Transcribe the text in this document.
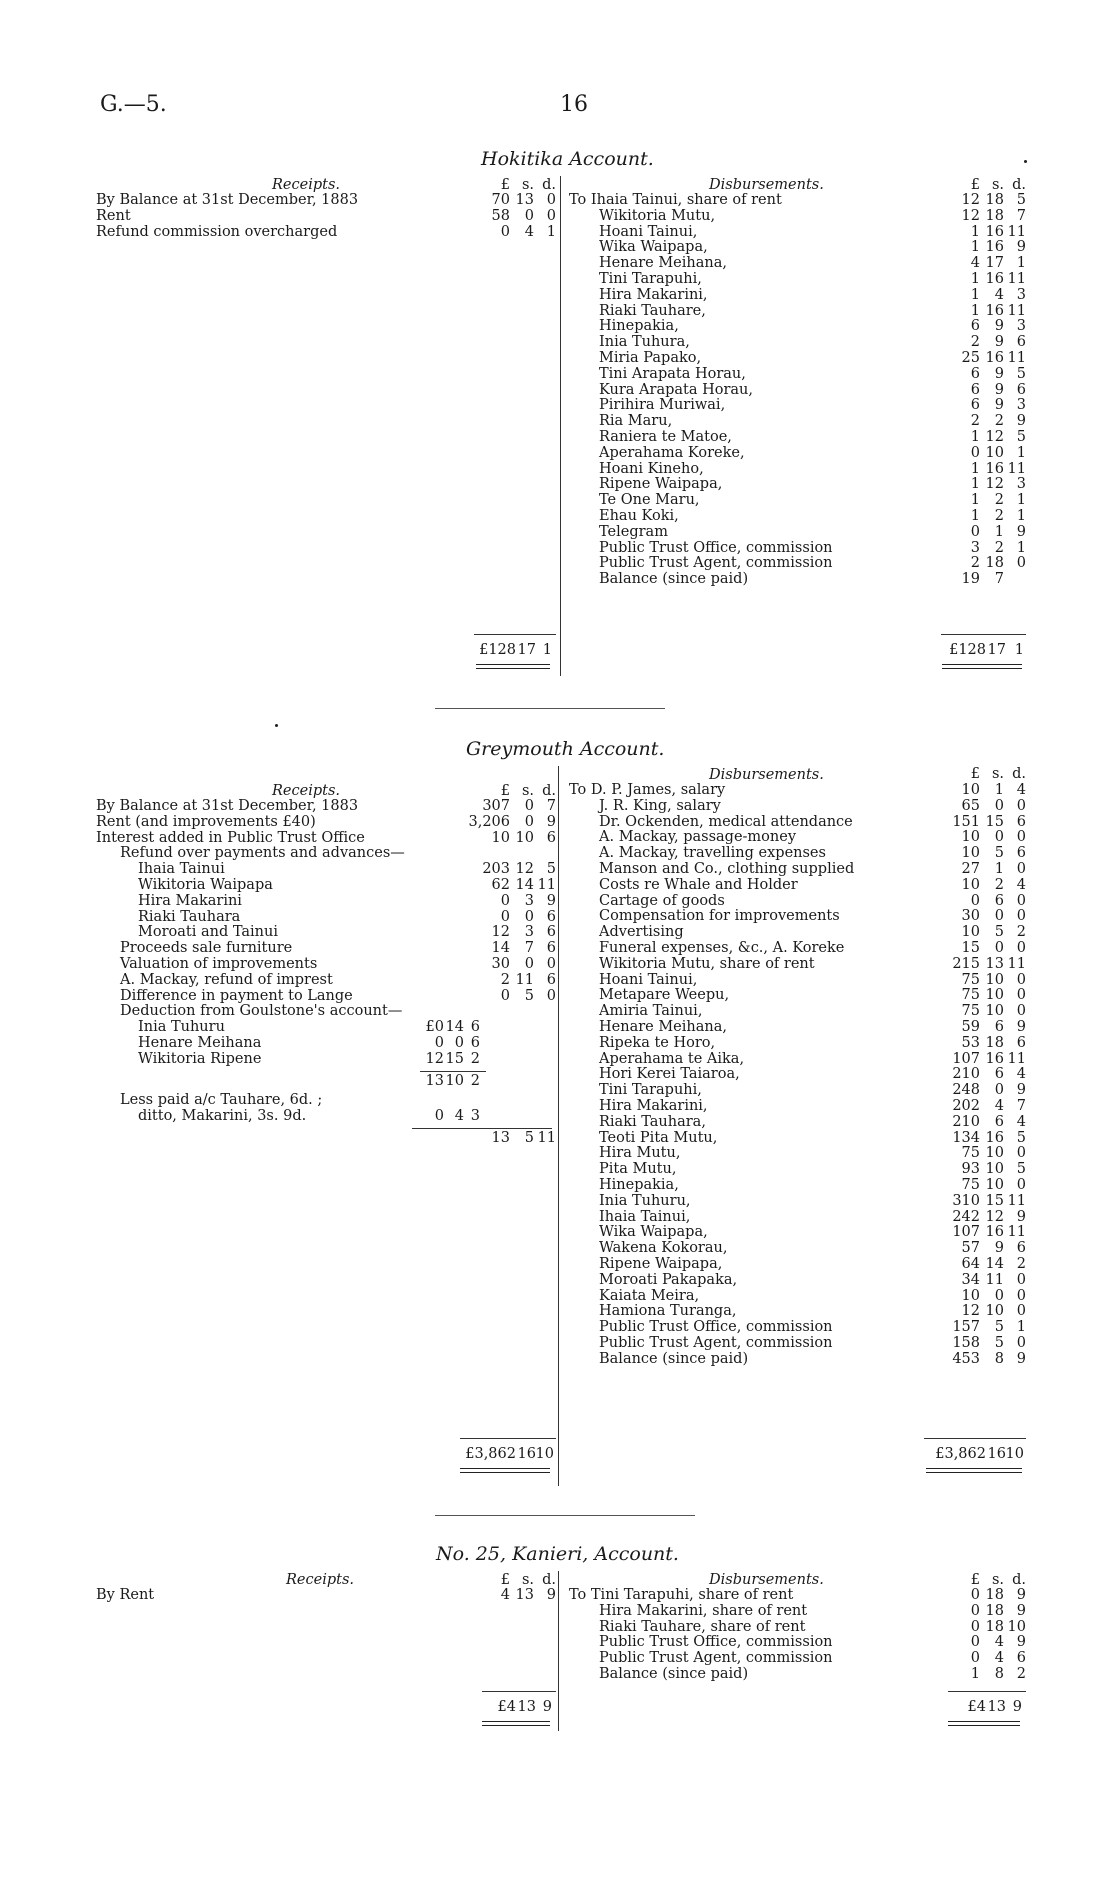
G.—5.	16
Hokitika Account.
Receipts.	£ s. d.
By Balance at 31st December, 1883	70 13 0
Rent	58	0 0
Refund commission overcharged	0	4 1
Disbursements.	£ s. d.
To Ihaia Tainui, share of rent	12 18 5
Wikitoria Mutu,	12 18 7
Hoani Tainui,	1 16 11
Wika Waipapa,	1 16 9
Henare Meihana,	4 17 1
Tini Tarapuhi,	1 16 11
Hira Makarini,	1	4 3
Riaki Tauhare,	1 16 11
Hinepakia,	6	9 3
Inia Tuhura,	2	9 6
Miria Papako,	25 16 11
Tini Arapata Horau,	6	9 5
Kura Arapata Horau,	6	9 6
Pirihira Muriwai,	6	9 3
Ria Maru,	2	2 9
Raniera te Matoe,	1 12 5
Aperahama Koreke,	0 10 1
Hoani Kineho,	1 16 11
Ripene Waipapa,	1 12 3
Te One Maru,	1	2 1
Ehau Koki,	1	2 1
Telegram	0	1 9
Public Trust Office, commission	3	2 1
Public Trust Agent, commission	2 18 0
Balance (since paid)	19	7
£128 17 1	£128 17 1
Greymouth Account.
Receipts.	£ s. d.
By Balance at 31st December, 1883	307	0 7
Rent (and improvements £40)	3,206	0 9
Interest added in Public Trust Office	10 10 6
Refund over payments and advances—
Ihaia Tainui	203 12 5
Wikitoria Waipapa	62 14 11
Hira Makarini	0	3 9
Riaki Tauhara	0	0 6
Moroati and Tainui	12	3 6
Proceeds sale furniture	14	7 6
Valuation of improvements	30	0 0
A. Mackay, refund of imprest	2 11 6
Difference in payment to Lange	0	5 0
Deduction from Goulstone's account—
Inia Tuhuru	£0 14 6
Henare Meihana	0 0 6
Wikitoria Ripene	12 15 2
13 10 2
Less paid a/c Tauhare, 6d. ;
ditto, Makarini, 3s. 9d.	0 4 3
13 5 11
Disbursements.	£ s. d.
To D. P. James, salary	10	1 4
J. R. King, salary	65	0 0
Dr. Ockenden, medical attendance	151 15 6
A. Mackay, passage-money	10	0 0
A. Mackay, travelling expenses	10	5 6
Manson and Co., clothing supplied	27	1 0
Costs re Whale and Holder	10	2 4
Cartage of goods	0	6 0
Compensation for improvements	30	0 0
Advertising	10	5 2
Funeral expenses, &c., A. Koreke	15	0 0
Wikitoria Mutu, share of rent	215 13 11
Hoani Tainui,	75 10 0
Metapare Weepu,	75 10 0
Amiria Tainui,	75 10 0
Henare Meihana,	59	6 9
Ripeka te Horo,	53 18 6
Aperahama te Aika,	107 16 11
Hori Kerei Taiaroa,	210	6 4
Tini Tarapuhi,	248	0 9
Hira Makarini,	202	4 7
Riaki Tauhara,	210	6 4
Teoti Pita Mutu,	134 16 5
Hira Mutu,	75 10 0
Pita Mutu,	93 10 5
Hinepakia,	75 10 0
Inia Tuhuru,	310 15 11
Ihaia Tainui,	242 12 9
Wika Waipapa,	107 16 11
Wakena Kokorau,	57	9 6
Ripene Waipapa,	64 14 2
Moroati Pakapaka,	34 11 0
Kaiata Meira,	10	0 0
Hamiona Turanga,	12 10 0
Public Trust Office, commission	157	5 1
Public Trust Agent, commission	158	5 0
Balance (since paid)	453	8 9
£3,862 16 10	£3,862 16 10
No. 25, Kanieri, Account.
Receipts.	£ s. d.
By Rent	4 13 9
Disbursements.	£ s. d.
To Tini Tarapuhi, share of rent	0 18 9
Hira Makarini, share of rent	0 18 9
Riaki Tauhare, share of rent	0 18 10
Public Trust Office, commission	0	4 9
Public Trust Agent, commission	0	4 6
Balance (since paid)	1	8 2
£4 13 9	£4 13 9
